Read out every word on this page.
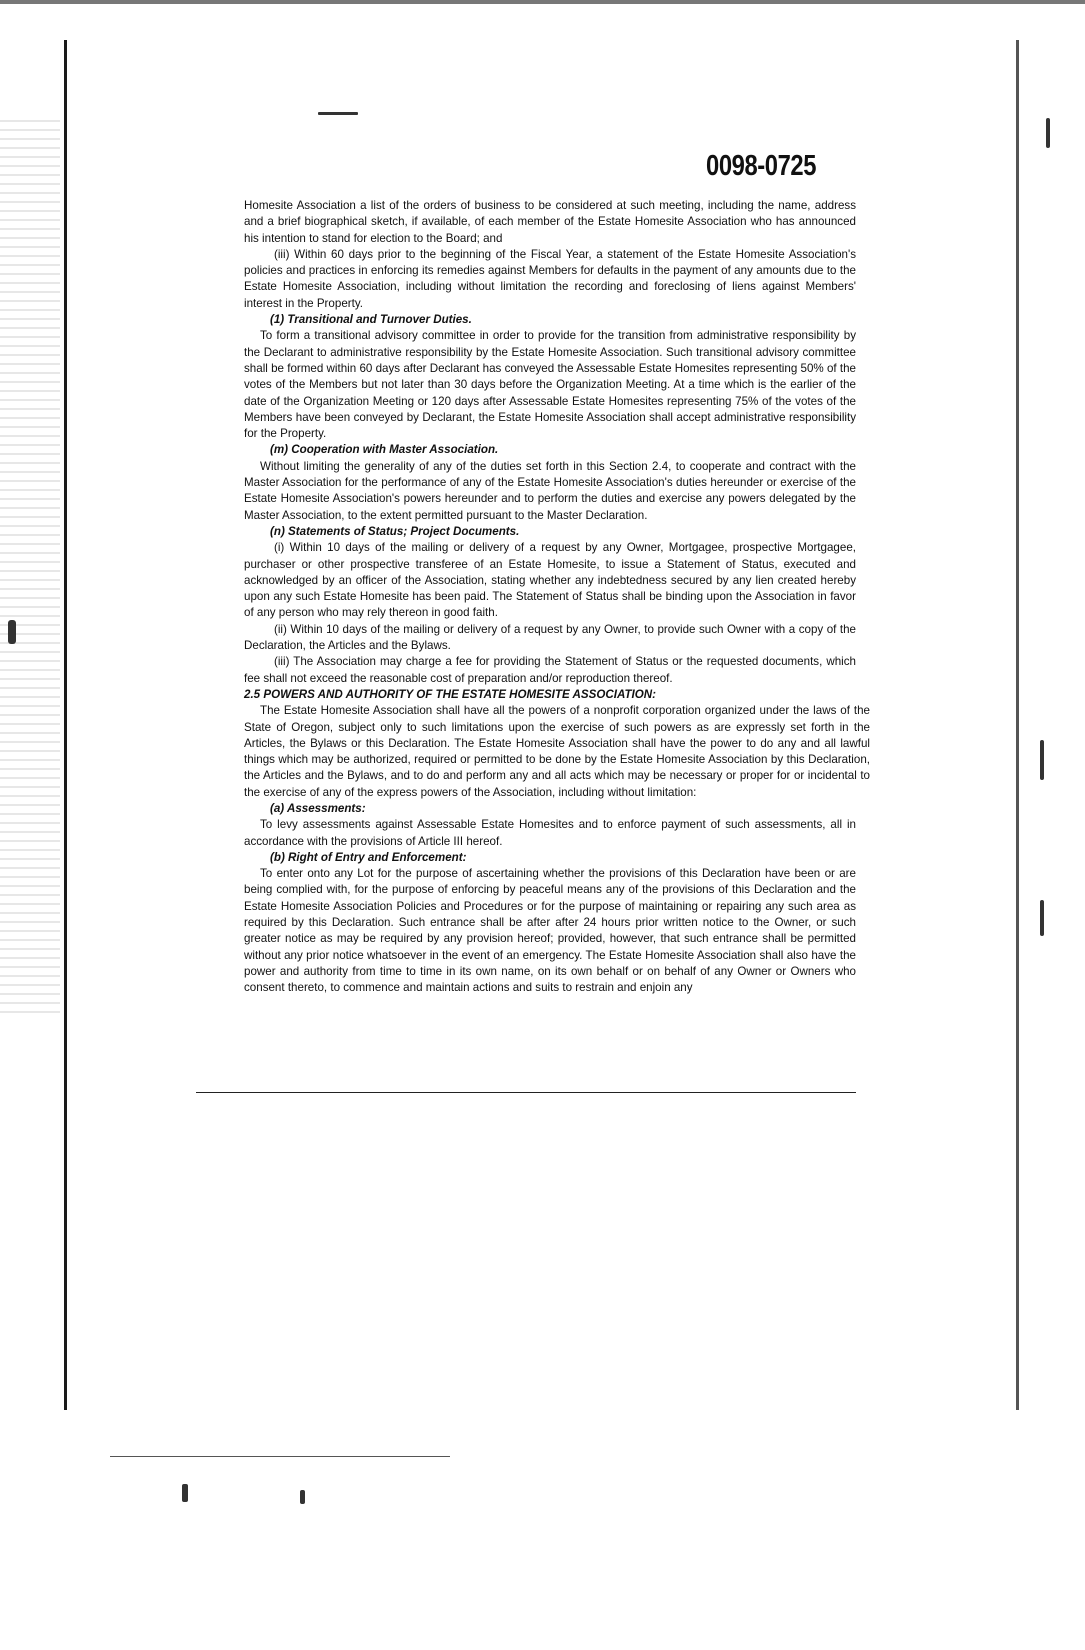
0098-0725

Homesite Association a list of the orders of business to be considered at such meeting, including the name, address and a brief biographical sketch, if available, of each member of the Estate Homesite Association who has announced his intention to stand for election to the Board; and

(iii) Within 60 days prior to the beginning of the Fiscal Year, a statement of the Estate Homesite Association's policies and practices in enforcing its remedies against Members for defaults in the payment of any amounts due to the Estate Homesite Association, including without limitation the recording and foreclosing of liens against Members' interest in the Property.

(1) Transitional and Turnover Duties.

To form a transitional advisory committee in order to provide for the transition from administrative responsibility by the Declarant to administrative responsibility by the Estate Homesite Association. Such transitional advisory committee shall be formed within 60 days after Declarant has conveyed the Assessable Estate Homesites representing 50% of the votes of the Members but not later than 30 days before the Organization Meeting. At a time which is the earlier of the date of the Organization Meeting or 120 days after Assessable Estate Homesites representing 75% of the votes of the Members have been conveyed by Declarant, the Estate Homesite Association shall accept administrative responsibility for the Property.

(m) Cooperation with Master Association.

Without limiting the generality of any of the duties set forth in this Section 2.4, to cooperate and contract with the Master Association for the performance of any of the Estate Homesite Association's duties hereunder or exercise of the Estate Homesite Association's powers hereunder and to perform the duties and exercise any powers delegated by the Master Association, to the extent permitted pursuant to the Master Declaration.

(n) Statements of Status; Project Documents.

(i) Within 10 days of the mailing or delivery of a request by any Owner, Mortgagee, prospective Mortgagee, purchaser or other prospective transferee of an Estate Homesite, to issue a Statement of Status, executed and acknowledged by an officer of the Association, stating whether any indebtedness secured by any lien created hereby upon any such Estate Homesite has been paid. The Statement of Status shall be binding upon the Association in favor of any person who may rely thereon in good faith.

(ii) Within 10 days of the mailing or delivery of a request by any Owner, to provide such Owner with a copy of the Declaration, the Articles and the Bylaws.

(iii) The Association may charge a fee for providing the Statement of Status or the requested documents, which fee shall not exceed the reasonable cost of preparation and/or reproduction thereof.

2.5 POWERS AND AUTHORITY OF THE ESTATE HOMESITE ASSOCIATION:

The Estate Homesite Association shall have all the powers of a nonprofit corporation organized under the laws of the State of Oregon, subject only to such limitations upon the exercise of such powers as are expressly set forth in the Articles, the Bylaws or this Declaration. The Estate Homesite Association shall have the power to do any and all lawful things which may be authorized, required or permitted to be done by the Estate Homesite Association by this Declaration, the Articles and the Bylaws, and to do and perform any and all acts which may be necessary or proper for or incidental to the exercise of any of the express powers of the Association, including without limitation:

(a) Assessments:

To levy assessments against Assessable Estate Homesites and to enforce payment of such assessments, all in accordance with the provisions of Article III hereof.

(b) Right of Entry and Enforcement:

To enter onto any Lot for the purpose of ascertaining whether the provisions of this Declaration have been or are being complied with, for the purpose of enforcing by peaceful means any of the provisions of this Declaration and the Estate Homesite Association Policies and Procedures or for the purpose of maintaining or repairing any such area as required by this Declaration. Such entrance shall be after after 24 hours prior written notice to the Owner, or such greater notice as may be required by any provision hereof; provided, however, that such entrance shall be permitted without any prior notice whatsoever in the event of an emergency. The Estate Homesite Association shall also have the power and authority from time to time in its own name, on its own behalf or on behalf of any Owner or Owners who consent thereto, to commence and maintain actions and suits to restrain and enjoin any
